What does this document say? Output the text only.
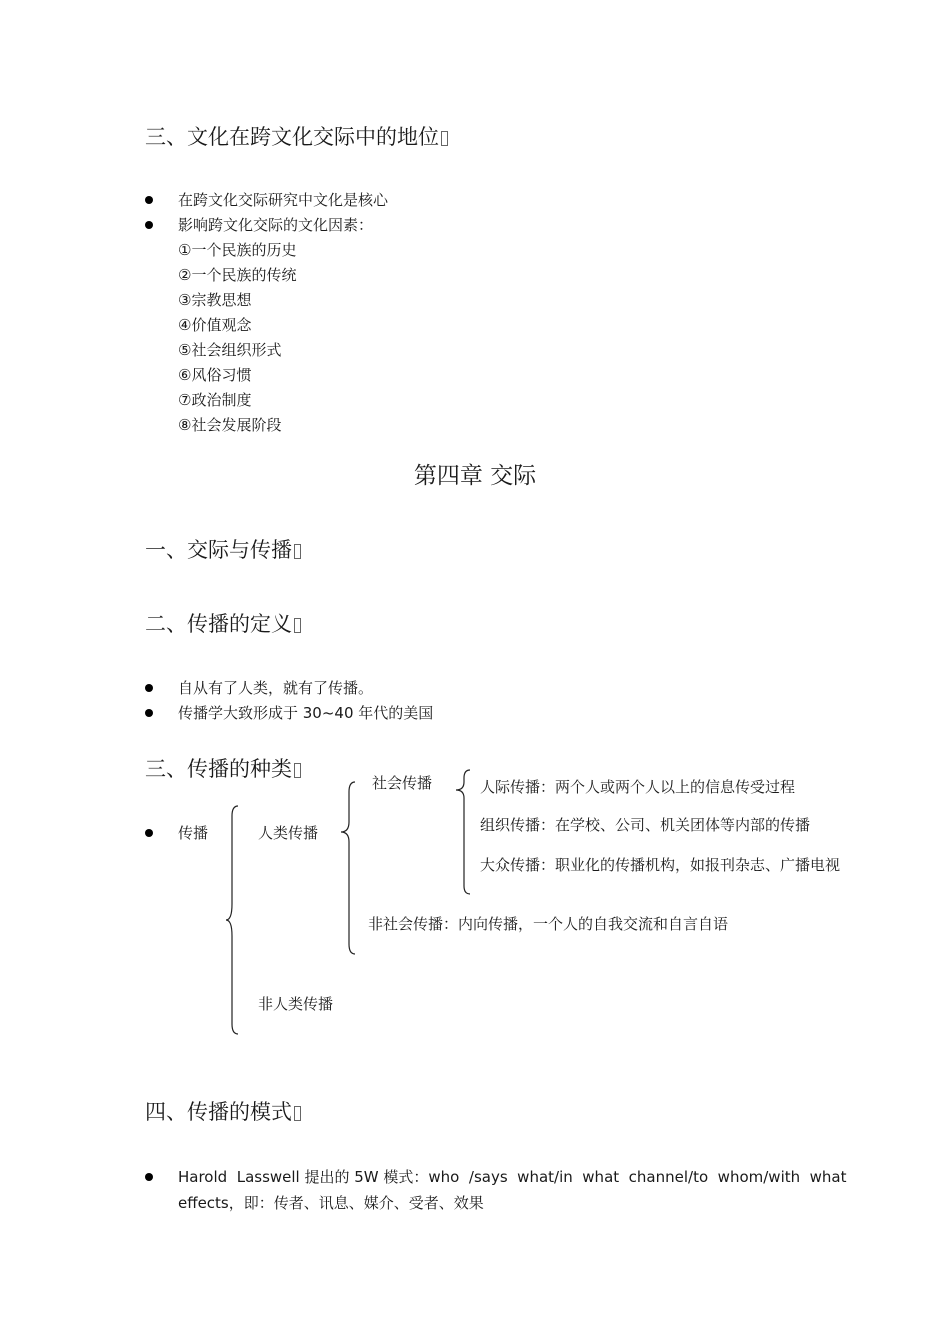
三、文化在跨文化交际中的地位
在跨文化交际研究中文化是核心
影响跨文化交际的文化因素：
①一个民族的历史
②一个民族的传统
③宗教思想
④价值观念
⑤社会组织形式
⑥风俗习惯
⑦政治制度
⑧社会发展阶段
第四章 交际
一、交际与传播
二、传播的定义
自从有了人类，就有了传播。
传播学大致形成于 30~40 年代的美国
三、传播的种类
传播	人类传播
非人类传播
社会传播
非社会传播：内向传播，一个人的自我交流和自言自语
人际传播：两个人或两个人以上的信息传受过程
组织传播：在学校、公司、机关团体等内部的传播
大众传播：职业化的传播机构，如报刊杂志、广播电视
四、传播的模式
Harold  Lasswell 提出的 5W 模式：who  /says  what/in  what  channel/to  whom/with  what
effects，即：传者、讯息、媒介、受者、效果
